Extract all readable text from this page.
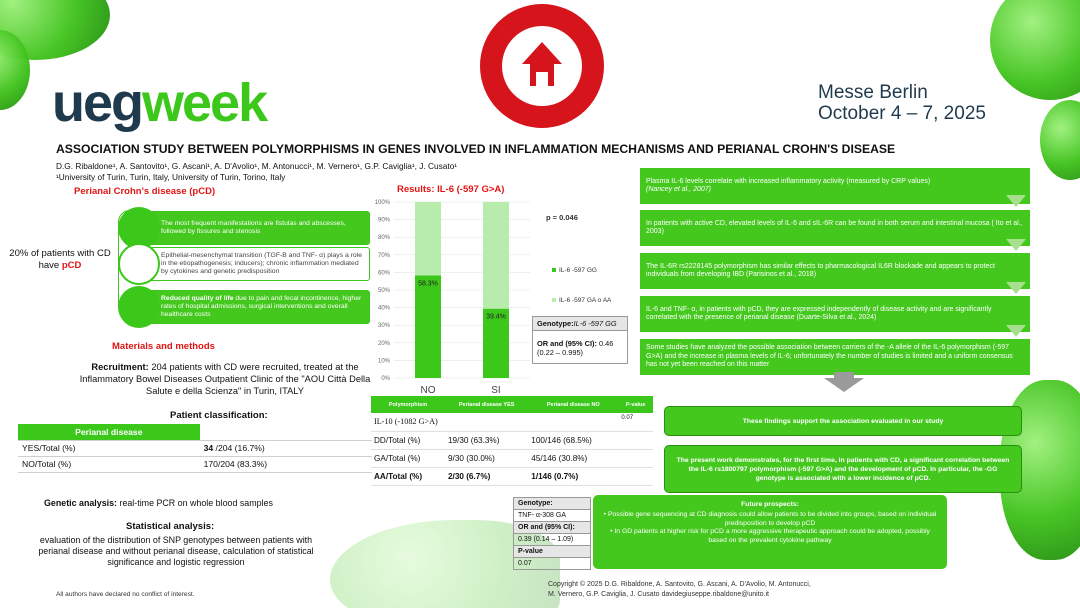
uegweek	Messe Berlin
October 4 – 7, 2025
ASSOCIATION STUDY BETWEEN POLYMORPHISMS IN GENES INVOLVED IN INFLAMMATION MECHANISMS AND PERIANAL CROHN'S DISEASE
D.G. Ribaldone¹, A. Santovito¹, G. Ascani¹, A. D'Avolio¹, M. Antonucci¹, M. Vernero¹, G.P. Caviglia¹, J. Cusato¹
¹University of Turin, Turin, Italy, University of Turin, Torino, Italy
Perianal Crohn's disease (pCD)
20% of patients with CD have pCD
The most frequent manifestations are fistulas and abscesses, followed by fissures and stenosis
Epithelial-mesenchymal transition (TGF-B and TNF- α) plays a role in the etiopathogenesis; inducers); chronic inflammation mediated by cytokines and genetic predisposition
Reduced quality of life due to pain and fecal incontinence, higher rates of hospital admissions, surgical interventions and overall healthcare costs
Materials and methods
Recruitment: 204 patients with CD were recruited, treated at the Inflammatory Bowel Diseases Outpatient Clinic of the "AOU Città Della Salute e della Scienza" in Turin, ITALY
Patient classification:
Perianal disease	
YES/Total (%)	34 /204 (16.7%)
NO/Total (%)	170/204 (83.3%)
Genetic analysis: real-time PCR on whole blood samples
Statistical analysis:
evaluation of the distribution of SNP genotypes between patients with perianal disease and without perianal disease, calculation of statistical significance and logistic regression
All authors have declared no conflict of interest.
Results: IL-6 (-597 G>A)
0%
10%
20%
30%
40%
50%
60%
70%
80%
90%
100%
58.3%
NO
39.4%
SI
p = 0.046
IL-6 -597 GG
IL-6 -597 GA o AA
Genotype:IL-6 -597 GG
OR and (95% CI): 0.46 (0.22 – 0.995)
Polymorphism	Perianal disease YES	Perianal disease NO	P-value
IL-10 (-1082 G>A)			0.07
DD/Total (%)	19/30 (63.3%)	100/146 (68.5%)	
GA/Total (%)	9/30 (30.0%)	45/146 (30.8%)	
AA/Total (%)	2/30 (6.7%)	1/146 (0.7%)	
Genotype:
TNF- α-308 GA
OR and (95% CI):
0.39 (0.14 – 1.09)
P-value
0.07
Plasma IL-6 levels correlate with increased inflammatory activity (measured by CRP values)
(Nancey et al., 2007)
In patients with active CD, elevated levels of IL-6 and sIL-6R can be found in both serum and intestinal mucosa ( Ito et al., 2003)
The IL-6R rs2228145 polymorphism has similar effects to pharmacological IL6R blockade and appears to protect individuals from developing IBD (Parisinos et al., 2018)
IL-6 and TNF- α, in patients with pCD, they are expressed independently of disease activity and are significantly correlated with the presence of perianal disease (Duarte-Silva et al., 2024)
Some studies have analyzed the possible association between carriers of the -A allele of the IL-6 polymorphism (-597 G>A) and the increase in plasma levels of IL-6; unfortunately the number of studies is limited and a uniform consensus has not yet been reached on this matter
These findings support the association evaluated in our study
The present work demonstrates, for the first time, in patients with CD, a significant correlation between the IL-6 rs1800797 polymorphism (-597 G>A) and the development of pCD. In particular, the -GG genotype is associated with a lower incidence of pCD.
Future prospects:
• Possible gene sequencing at CD diagnosis could allow patients to be divided into groups, based on individual predisposition to develop pCD
• In GD patients at higher risk for pCD a more aggressive therapeutic approach could be adopted, possibly based on the prevalent cytokine pathway
Copyright © 2025 D.G. Ribaldone, A. Santovito, G. Ascani, A. D'Avolio, M. Antonucci,
M. Vernero, G.P. Caviglia, J. Cusato davidegiuseppe.ribaldone@unito.it
